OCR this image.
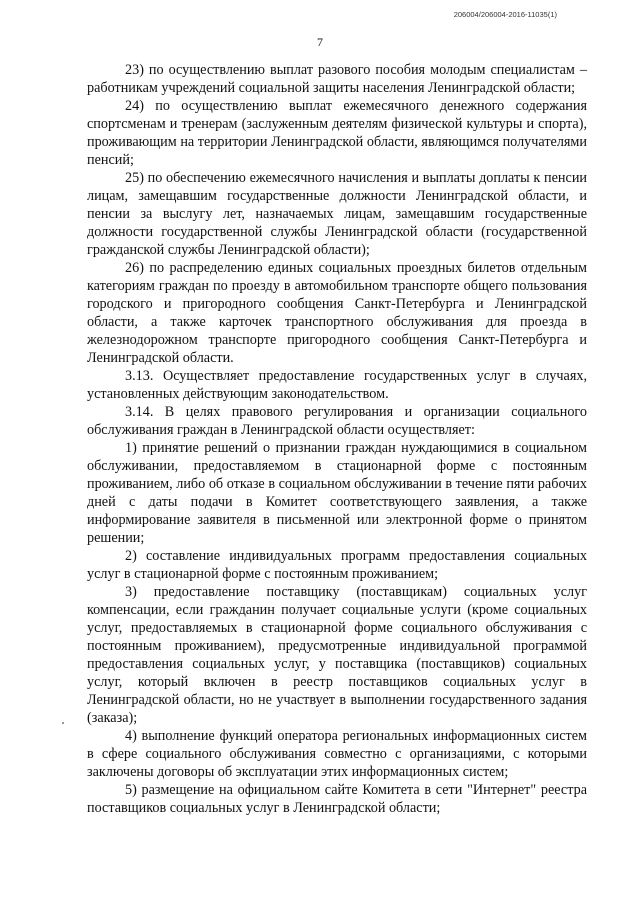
206004/206004-2016-11035(1)
7

23) по осуществлению выплат разового пособия молодым специалистам – работникам учреждений социальной защиты населения Ленинградской области;

24) по осуществлению выплат ежемесячного денежного содержания спортсменам и тренерам (заслуженным деятелям физической культуры и спорта), проживающим на территории Ленинградской области, являющимся получателями пенсий;

25) по обеспечению ежемесячного начисления и выплаты доплаты к пенсии лицам, замещавшим государственные должности Ленинградской области, и пенсии за выслугу лет, назначаемых лицам, замещавшим государственные должности государственной службы Ленинградской области (государственной гражданской службы Ленинградской области);

26) по распределению единых социальных проездных билетов отдельным категориям граждан по проезду в автомобильном транспорте общего пользования городского и пригородного сообщения Санкт-Петербурга и Ленинградской области, а также карточек транспортного обслуживания для проезда в железнодорожном транспорте пригородного сообщения Санкт-Петербурга и Ленинградской области.

3.13. Осуществляет предоставление государственных услуг в случаях, установленных действующим законодательством.

3.14. В целях правового регулирования и организации социального обслуживания граждан в Ленинградской области осуществляет:

1) принятие решений о признании граждан нуждающимися в социальном обслуживании, предоставляемом в стационарной форме с постоянным проживанием, либо об отказе в социальном обслуживании в течение пяти рабочих дней с даты подачи в Комитет соответствующего заявления, а также информирование заявителя в письменной или электронной форме о принятом решении;

2) составление индивидуальных программ предоставления социальных услуг в стационарной форме с постоянным проживанием;

3) предоставление поставщику (поставщикам) социальных услуг компенсации, если гражданин получает социальные услуги (кроме социальных услуг, предоставляемых в стационарной форме социального обслуживания с постоянным проживанием), предусмотренные индивидуальной программой предоставления социальных услуг, у поставщика (поставщиков) социальных услуг, который включен в реестр поставщиков социальных услуг в Ленинградской области, но не участвует в выполнении государственного задания (заказа);

4) выполнение функций оператора региональных информационных систем в сфере социального обслуживания совместно с организациями, с которыми заключены договоры об эксплуатации этих информационных систем;

5) размещение на официальном сайте Комитета в сети "Интернет" реестра поставщиков социальных услуг в Ленинградской области;
